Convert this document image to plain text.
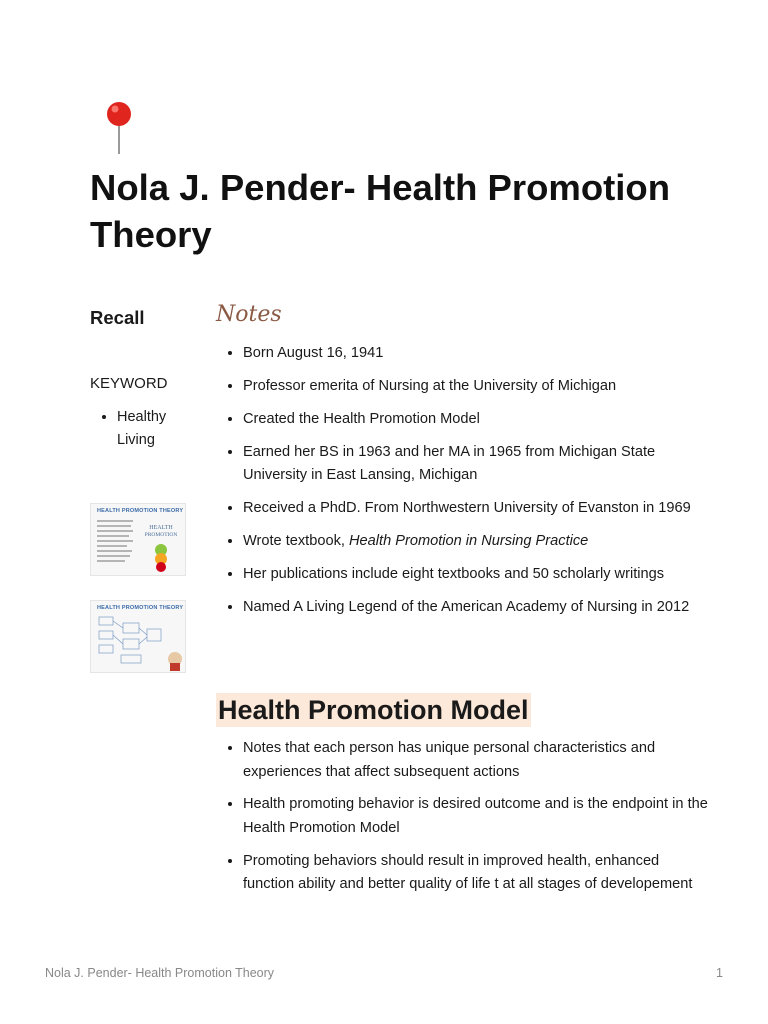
Nola J. Pender- Health Promotion Theory
Recall
KEYWORD
• Healthy Living
HEALTH PROMOTION THEORY
HEALTH
PROMOTION
HEALTH PROMOTION THEORY
Notes
• Born August 16, 1941
• Professor emerita of Nursing at the University of Michigan
• Created the Health Promotion Model
• Earned her BS in 1963 and her MA in 1965 from Michigan State University in East Lansing, Michigan
• Received a PhdD. From Northwestern University of Evanston in 1969
• Wrote textbook, Health Promotion in Nursing Practice
• Her publications include eight textbooks and 50 scholarly writings
• Named A Living Legend of the American Academy of Nursing in 2012
Health Promotion Model
• Notes that each person has unique personal characteristics and experiences that affect subsequent actions
• Health promoting behavior is desired outcome and is the endpoint in the Health Promotion Model
• Promoting behaviors should result in improved health, enhanced function ability and better quality of life t at all stages of developement
Nola J. Pender- Health Promotion Theory	1
